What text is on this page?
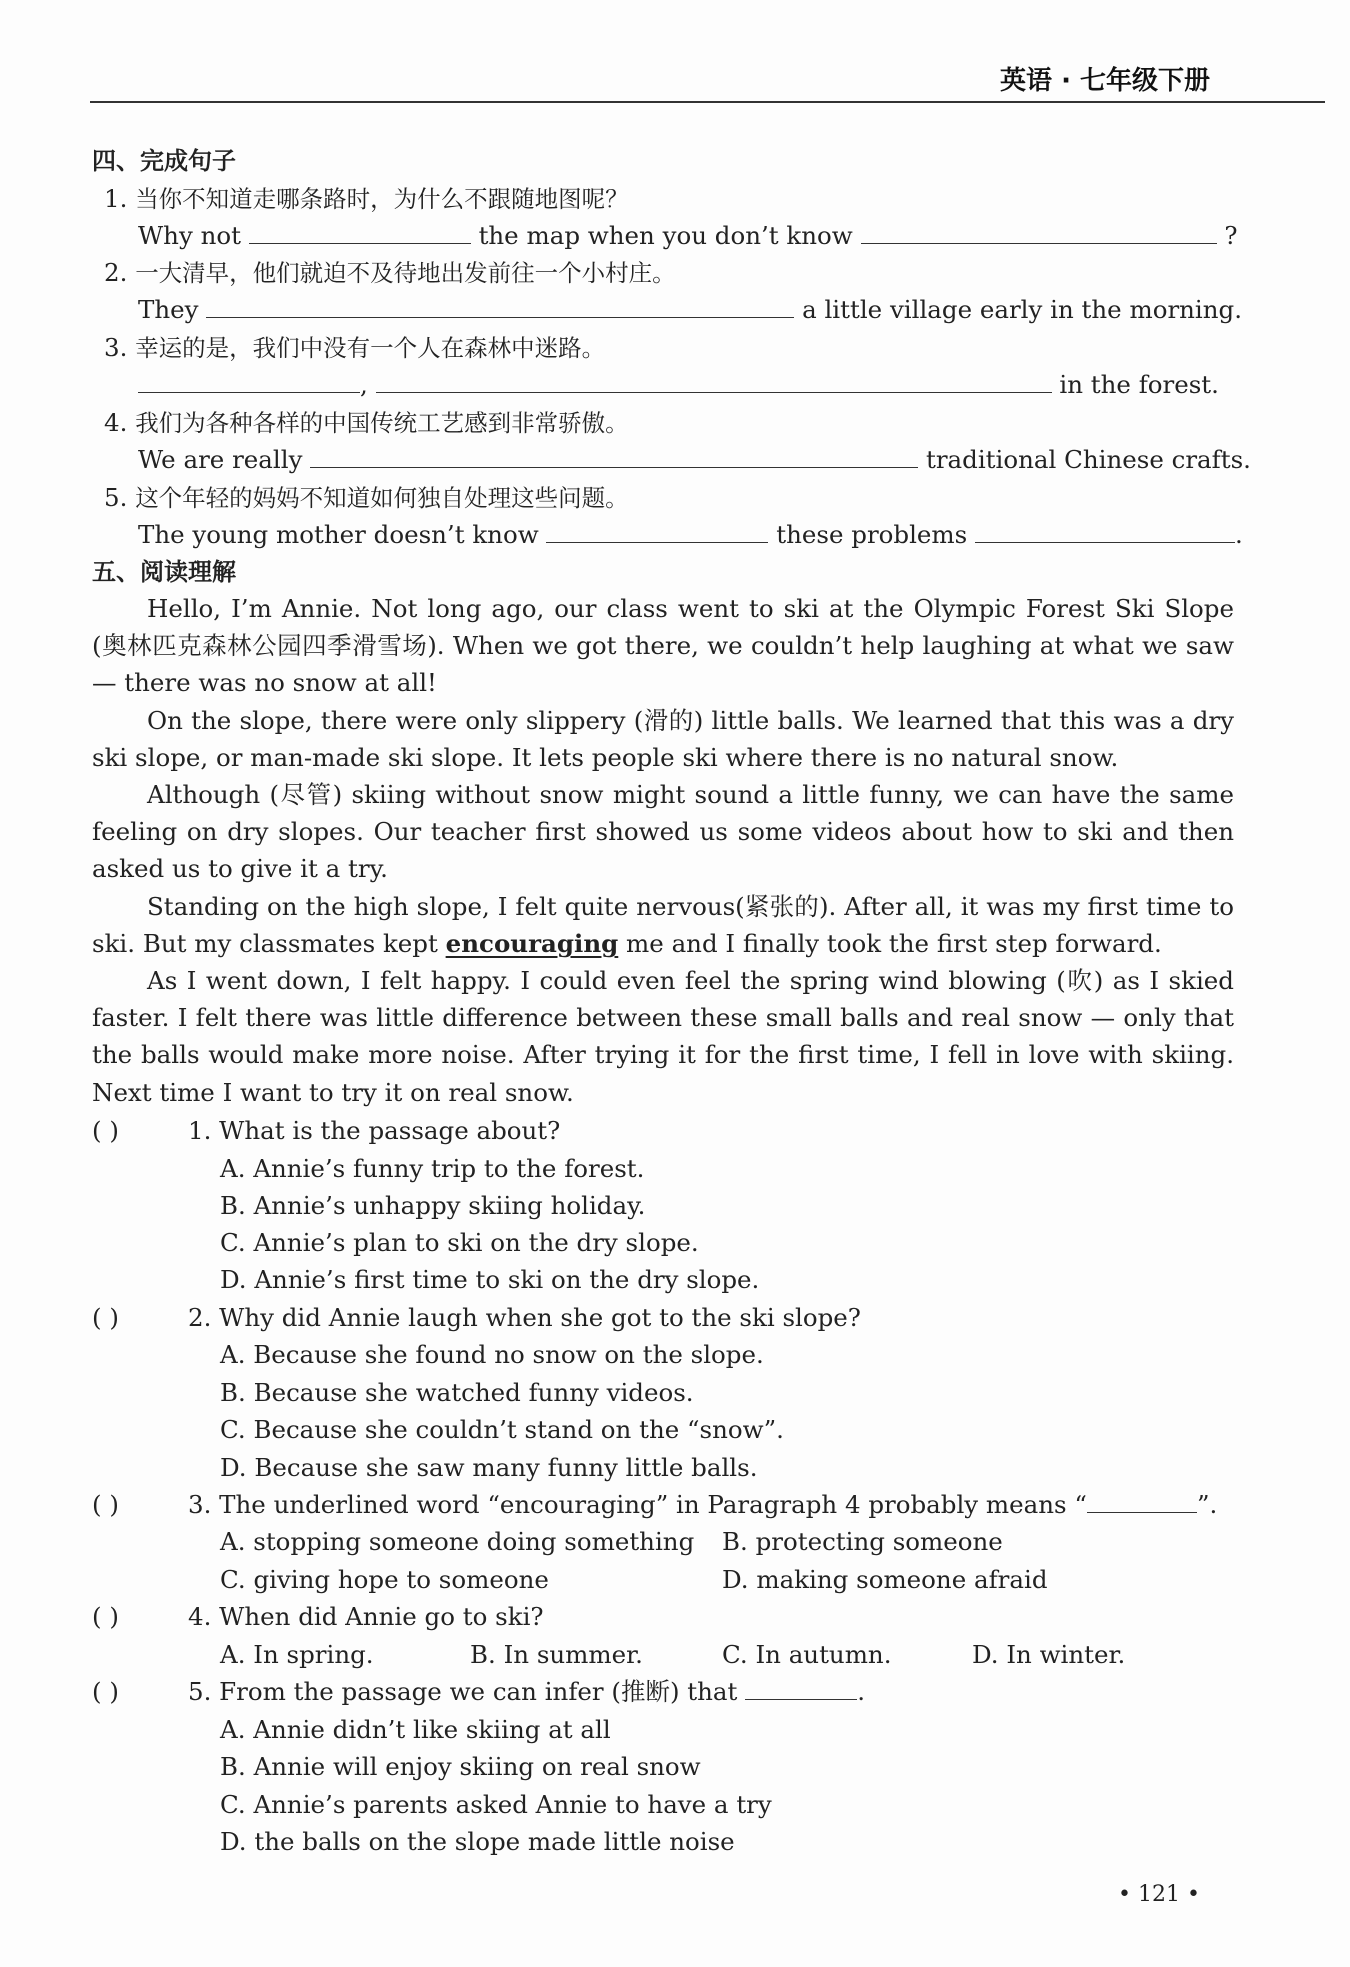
英语 · 七年级下册
四、完成句子
1. 当你不知道走哪条路时，为什么不跟随地图呢？
Why not	the map when you don’t know	?
2. 一大清早，他们就迫不及待地出发前往一个小村庄。
They	a little village early in the morning.
3. 幸运的是，我们中没有一个人在森林中迷路。
,	in the forest.
4. 我们为各种各样的中国传统工艺感到非常骄傲。
We are really	traditional Chinese crafts.
5. 这个年轻的妈妈不知道如何独自处理这些问题。
The young mother doesn’t know	these problems	.
五、阅读理解
Hello, I’m Annie. Not long ago, our class went to ski at the Olympic Forest Ski Slope (奥林匹克森林公园四季滑雪场). When we got there, we couldn’t help laughing at what we saw — there was no snow at all!
On the slope, there were only slippery (滑的) little balls. We learned that this was a dry ski slope, or man-made ski slope. It lets people ski where there is no natural snow.
Although (尽管) skiing without snow might sound a little funny, we can have the same feeling on dry slopes. Our teacher first showed us some videos about how to ski and then asked us to give it a try.
Standing on the high slope, I felt quite nervous(紧张的). After all, it was my first time to ski. But my classmates kept encouraging me and I finally took the first step forward.
As I went down, I felt happy. I could even feel the spring wind blowing (吹) as I skied faster. I felt there was little difference between these small balls and real snow — only that the balls would make more noise. After trying it for the first time, I fell in love with skiing. Next time I want to try it on real snow.
( )	1. What is the passage about?
A. Annie’s funny trip to the forest.
B. Annie’s unhappy skiing holiday.
C. Annie’s plan to ski on the dry slope.
D. Annie’s first time to ski on the dry slope.
( )	2. Why did Annie laugh when she got to the ski slope?
A. Because she found no snow on the slope.
B. Because she watched funny videos.
C. Because she couldn’t stand on the “snow”.
D. Because she saw many funny little balls.
( )	3. The underlined word “encouraging” in Paragraph 4 probably means “	”.
A. stopping someone doing something B. protecting someone
C. giving hope to someone	D. making someone afraid
( )	4. When did Annie go to ski?
A. In spring.	B. In summer.	C. In autumn.	D. In winter.
( )	5. From the passage we can infer (推断) that	.
A. Annie didn’t like skiing at all
B. Annie will enjoy skiing on real snow
C. Annie’s parents asked Annie to have a try
D. the balls on the slope made little noise
• 121 •
